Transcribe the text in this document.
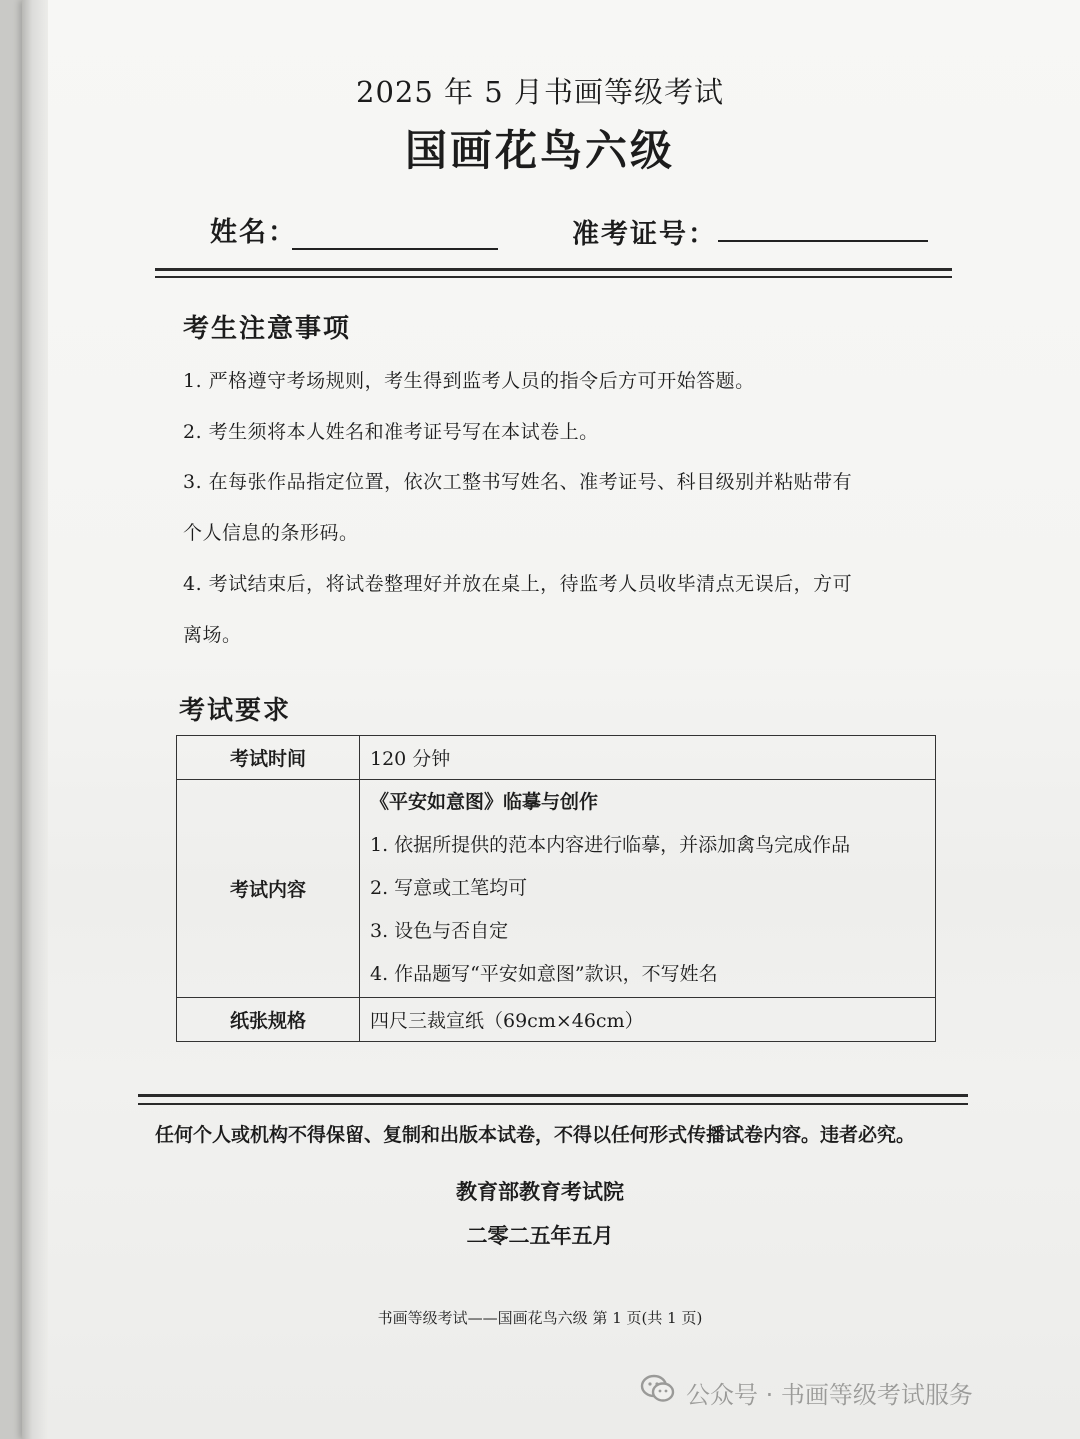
2025 年 5 月书画等级考试
国画花鸟六级
姓名：	准考证号：
考生注意事项
1. 严格遵守考场规则，考生得到监考人员的指令后方可开始答题。
2. 考生须将本人姓名和准考证号写在本试卷上。
3. 在每张作品指定位置，依次工整书写姓名、准考证号、科目级别并粘贴带有
个人信息的条形码。
4. 考试结束后，将试卷整理好并放在桌上，待监考人员收毕清点无误后，方可
离场。
考试要求
考试时间	120 分钟
考试内容	《平安如意图》临摹与创作
1. 依据所提供的范本内容进行临摹，并添加禽鸟完成作品
2. 写意或工笔均可
3. 设色与否自定
4. 作品题写“平安如意图”款识，不写姓名

纸张规格	四尺三裁宣纸（69cm×46cm）
任何个人或机构不得保留、复制和出版本试卷，不得以任何形式传播试卷内容。违者必究。
教育部教育考试院
二零二五年五月
书画等级考试——国画花鸟六级 第 1 页(共 1 页)
公众号 · 书画等级考试服务
